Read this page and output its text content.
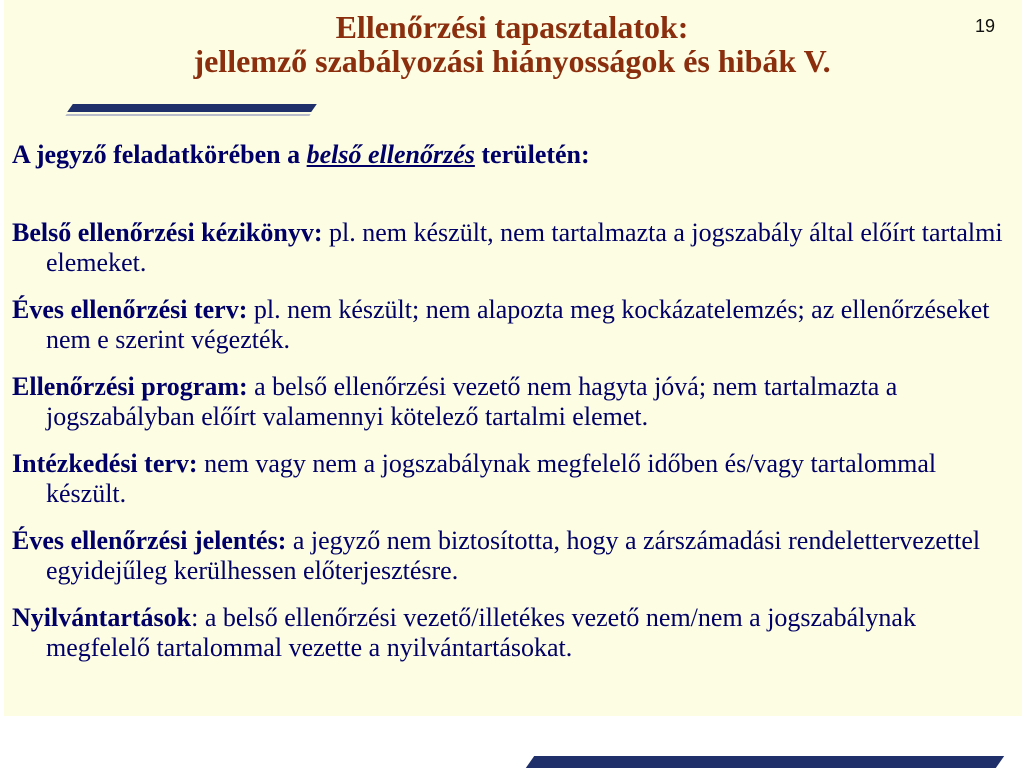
Ellenőrzési tapasztalatok:
jellemző szabályozási hiányosságok és hibák V.
19
A jegyző feladatkörében a belső ellenőrzés területén:
Belső ellenőrzési kézikönyv: pl. nem készült, nem tartalmazta a jogszabály által előírt tartalmi elemeket.
Éves ellenőrzési terv: pl. nem készült; nem alapozta meg kockázatelemzés; az ellenőrzéseket nem e szerint végezték.
Ellenőrzési program: a belső ellenőrzési vezető nem hagyta jóvá; nem tartalmazta a jogszabályban előírt valamennyi kötelező tartalmi elemet.
Intézkedési terv: nem vagy nem a jogszabálynak megfelelő időben és/vagy tartalommal készült.
Éves ellenőrzési jelentés: a jegyző nem biztosította, hogy a zárszámadási rendelettervezettel egyidejűleg kerülhessen előterjesztésre.
Nyilvántartások: a belső ellenőrzési vezető/illetékes vezető nem/nem a jogszabálynak megfelelő tartalommal vezette a nyilvántartásokat.
